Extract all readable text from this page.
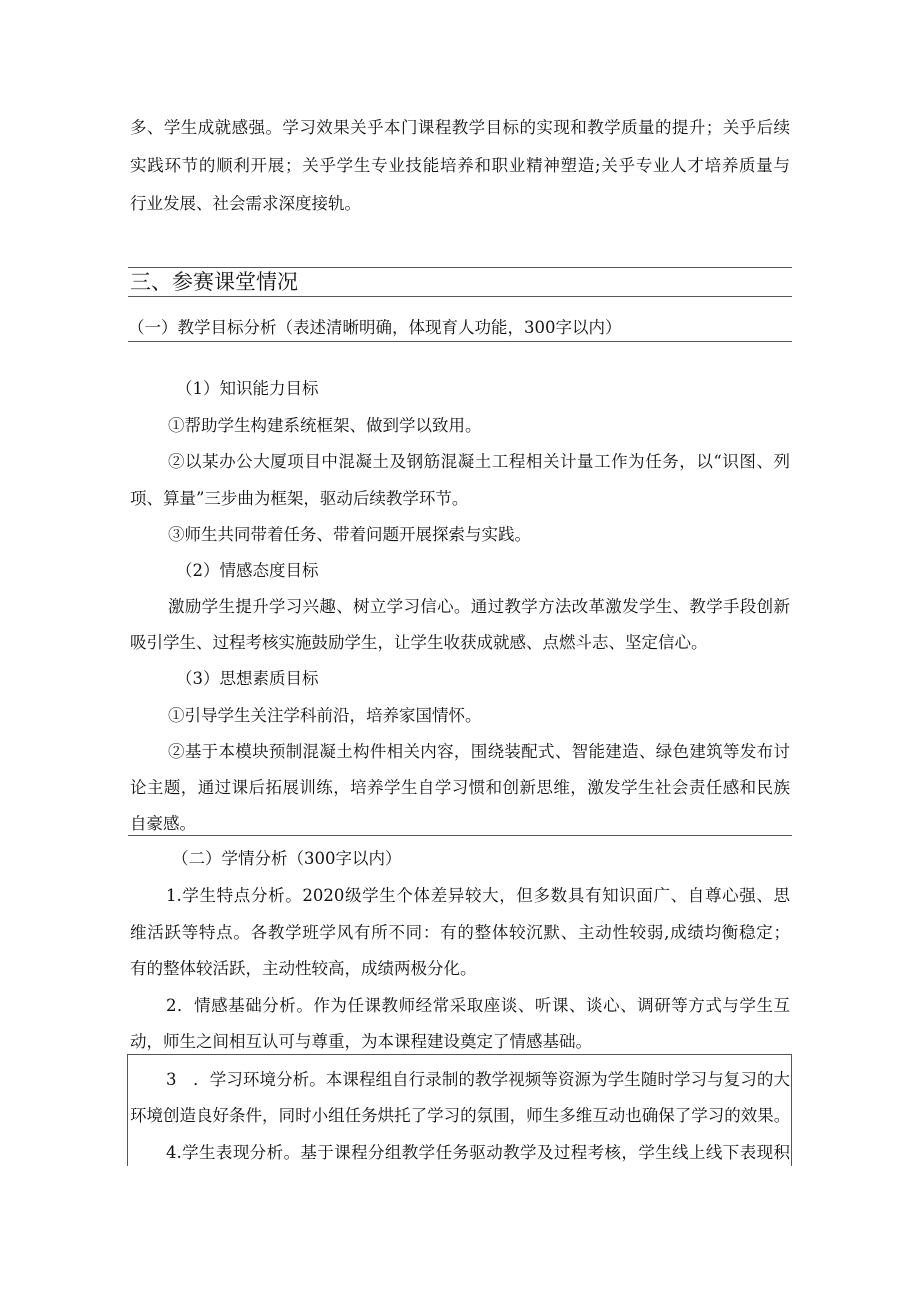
多、学生成就感强。学习效果关乎本门课程教学目标的实现和教学质量的提升；关乎后续
实践环节的顺利开展；关乎学生专业技能培养和职业精神塑造;关乎专业人才培养质量与
行业发展、社会需求深度接轨。
三、参赛课堂情况
（一）教学目标分析（表述清晰明确，体现育人功能，300字以内）
（1）知识能力目标
①帮助学生构建系统框架、做到学以致用。
②以某办公大厦项目中混凝土及钢筋混凝土工程相关计量工作为任务，以“识图、列
项、算量”三步曲为框架，驱动后续教学环节。
③师生共同带着任务、带着问题开展探索与实践。
（2）情感态度目标
激励学生提升学习兴趣、树立学习信心。通过教学方法改革激发学生、教学手段创新
吸引学生、过程考核实施鼓励学生，让学生收获成就感、点燃斗志、坚定信心。
（3）思想素质目标
①引导学生关注学科前沿，培养家国情怀。
②基于本模块预制混凝土构件相关内容，围绕装配式、智能建造、绿色建筑等发布讨
论主题，通过课后拓展训练，培养学生自学习惯和创新思维，激发学生社会责任感和民族
自豪感。
（二）学情分析（300字以内）
1.学生特点分析。2020级学生个体差异较大，但多数具有知识面广、自尊心强、思
维活跃等特点。各教学班学风有所不同：有的整体较沉默、主动性较弱,成绩均衡稳定；
有的整体较活跃，主动性较高，成绩两极分化。
2．情感基础分析。作为任课教师经常采取座谈、听课、谈心、调研等方式与学生互
动，师生之间相互认可与尊重，为本课程建设奠定了情感基础。
3　．学习环境分析。本课程组自行录制的教学视频等资源为学生随时学习与复习的大
环境创造良好条件，同时小组任务烘托了学习的氛围，师生多维互动也确保了学习的效果。
4.学生表现分析。基于课程分组教学任务驱动教学及过程考核，学生线上线下表现积
